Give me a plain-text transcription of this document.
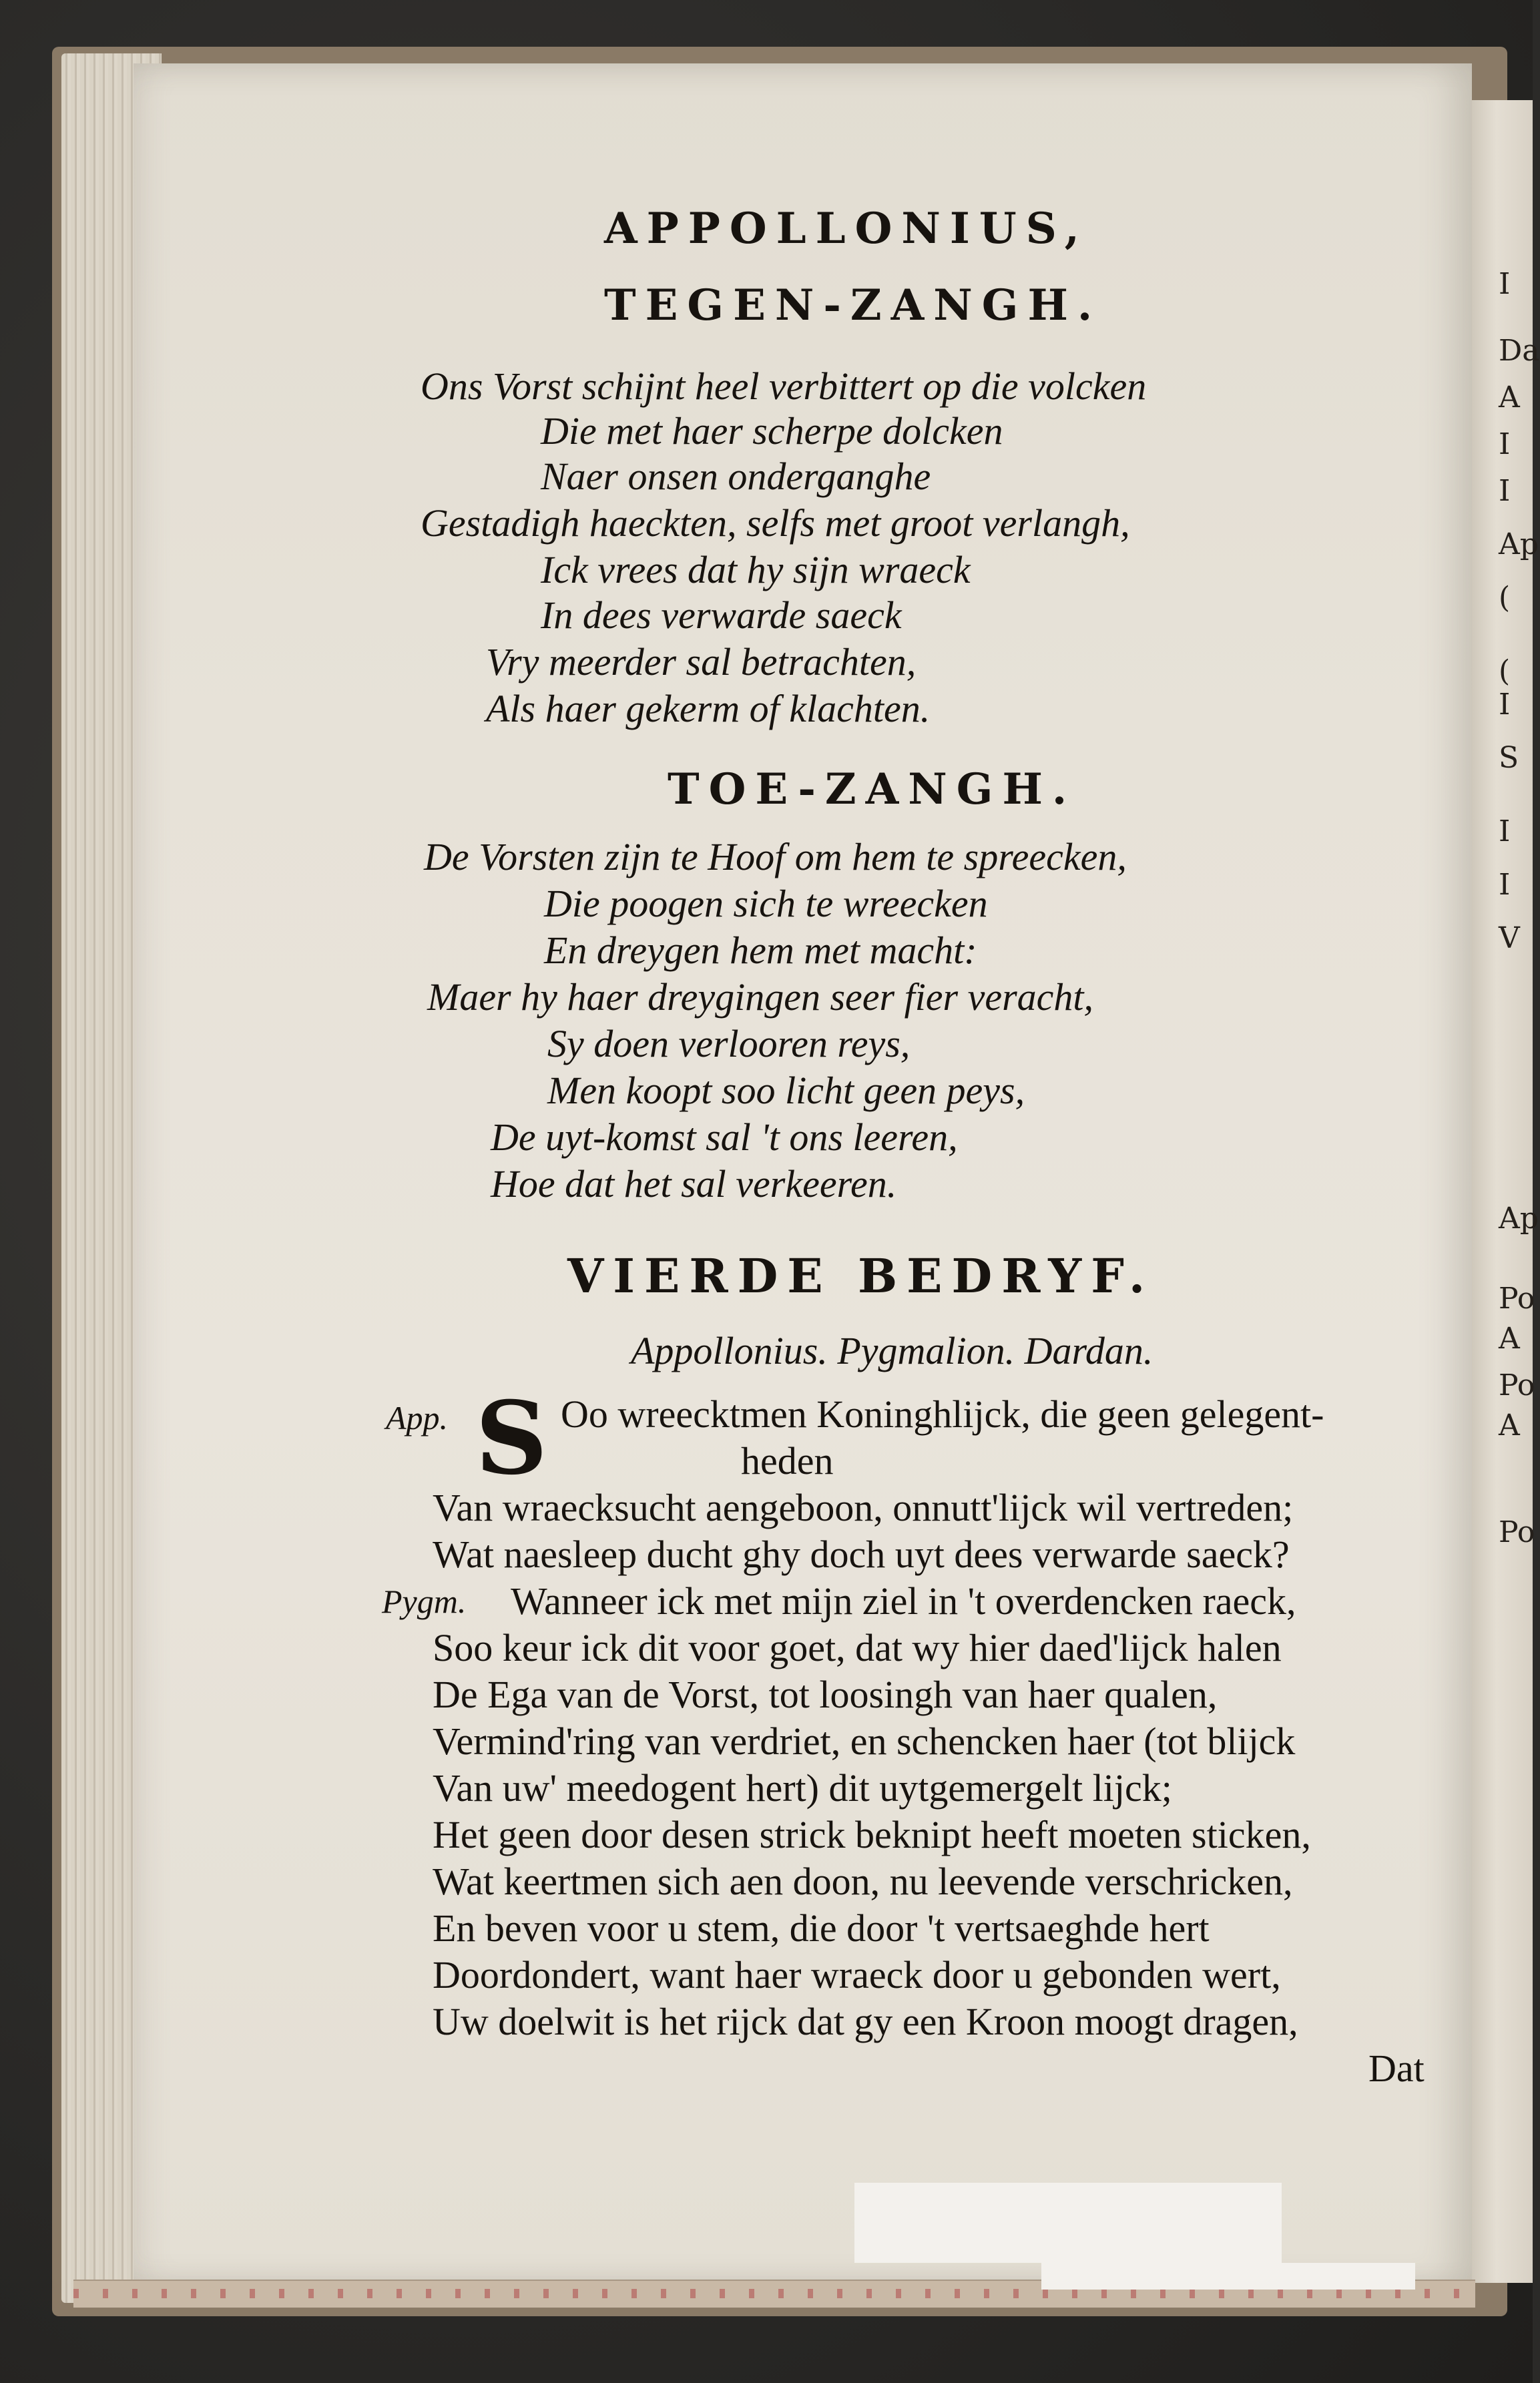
I
Da
A
I
I
Ap
(
(
I
S
I
I
V
Ap
Po
A
Po
A
Po
APPOLLONIUS,
TEGEN-ZANGH.
Ons Vorst schijnt heel verbittert op die volcken
Die met haer scherpe dolcken
Naer onsen onderganghe
Gestadigh haeckten, selfs met groot verlangh,
Ick vrees dat hy sijn wraeck
In dees verwarde saeck
Vry meerder sal betrachten,
Als haer gekerm of klachten.
TOE-ZANGH.
De Vorsten zijn te Hoof om hem te spreecken,
Die poogen sich te wreecken
En dreygen hem met macht:
Maer hy haer dreygingen seer fier veracht,
Sy doen verlooren reys,
Men koopt soo licht geen peys,
De uyt-komst sal 't ons leeren,
Hoe dat het sal verkeeren.
VIERDE BEDRYF.
Appollonius. Pygmalion. Dardan.
App. S Oo wreecktmen Koninghlijck, die geen gelegent-
heden
Van wraecksucht aengeboon, onnutt'lijck wil vertreden;
Wat naesleep ducht ghy doch uyt dees verwarde saeck?
Pygm. Wanneer ick met mijn ziel in 't overdencken raeck,
Soo keur ick dit voor goet, dat wy hier daed'lijck halen
De Ega van de Vorst, tot loosingh van haer qualen,
Vermind'ring van verdriet, en schencken haer (tot blijck
Van uw' meedogent hert) dit uytgemergelt lijck;
Het geen door desen strick beknipt heeft moeten sticken,
Wat keertmen sich aen doon, nu leevende verschricken,
En beven voor u stem, die door 't vertsaeghde hert
Doordondert, want haer wraeck door u gebonden wert,
Uw doelwit is het rijck dat gy een Kroon moogt dragen,
Dat
